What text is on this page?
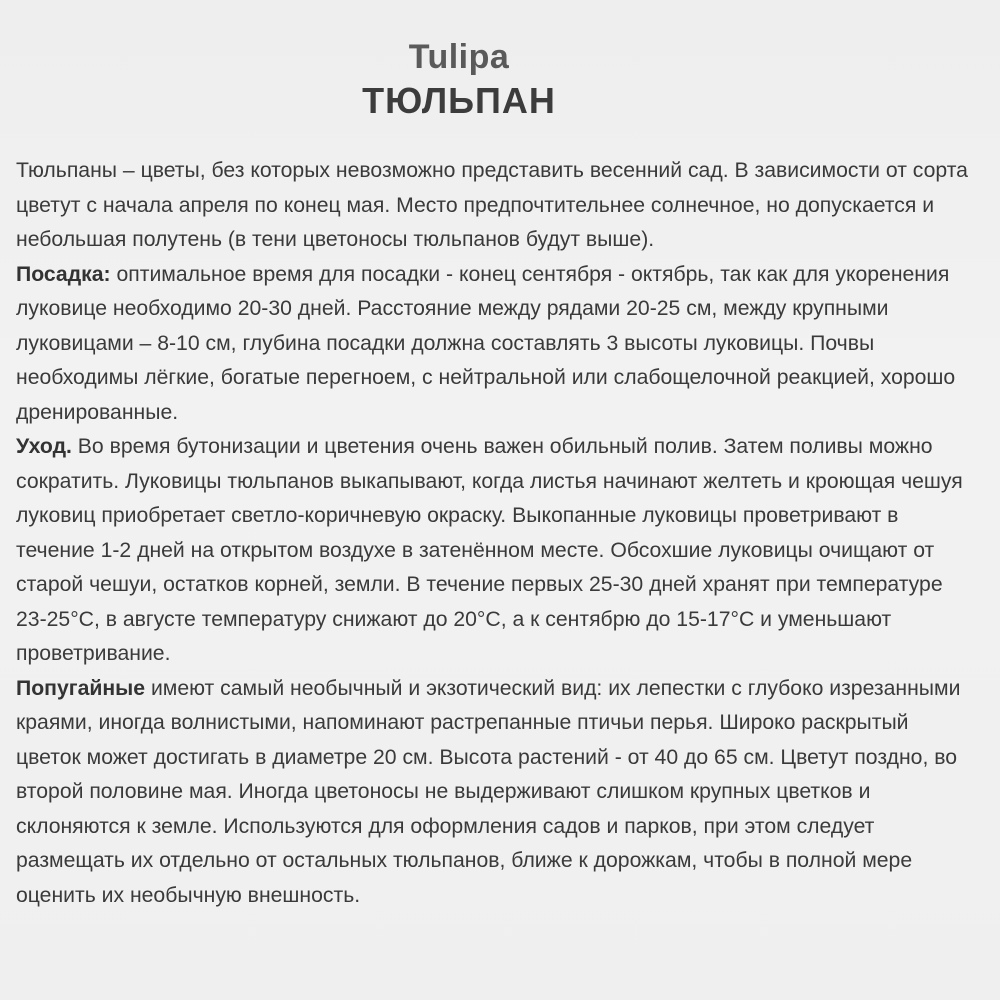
Tulipa
ТЮЛЬПАН

Тюльпаны – цветы, без которых невозможно представить весенний сад. В зависимости от сорта цветут с начала апреля по конец мая. Место предпочтительнее солнечное, но допускается и небольшая полутень (в тени цветоносы тюльпанов будут выше).

Посадка: оптимальное время для посадки - конец сентября - октябрь, так как для укоренения луковице необходимо 20-30 дней. Расстояние между рядами 20-25 см, между крупными луковицами – 8-10 см, глубина посадки должна составлять 3 высоты луковицы. Почвы необходимы лёгкие, богатые перегноем, с нейтральной или слабощелочной реакцией, хорошо дренированные.

Уход. Во время бутонизации и цветения очень важен обильный полив. Затем поливы можно сократить. Луковицы тюльпанов выкапывают, когда листья начинают желтеть и кроющая чешуя луковиц приобретает светло-коричневую окраску. Выкопанные луковицы проветривают в течение 1-2 дней на открытом воздухе в затенённом месте. Обсохшие луковицы очищают от старой чешуи, остатков корней, земли. В течение первых 25-30 дней хранят при температуре 23-25°С, в августе температуру снижают до 20°С, а к сентябрю до 15-17°С и уменьшают проветривание.

Попугайные имеют самый необычный и экзотический вид: их лепестки с глубоко изрезанными краями, иногда волнистыми, напоминают растрепанные птичьи перья. Широко раскрытый цветок может достигать в диаметре 20 см. Высота растений - от 40 до 65 см. Цветут поздно, во второй половине мая. Иногда цветоносы не выдерживают слишком крупных цветков и склоняются к земле. Используются для оформления садов и парков, при этом следует размещать их отдельно от остальных тюльпанов, ближе к дорожкам, чтобы в полной мере оценить их необычную внешность.
